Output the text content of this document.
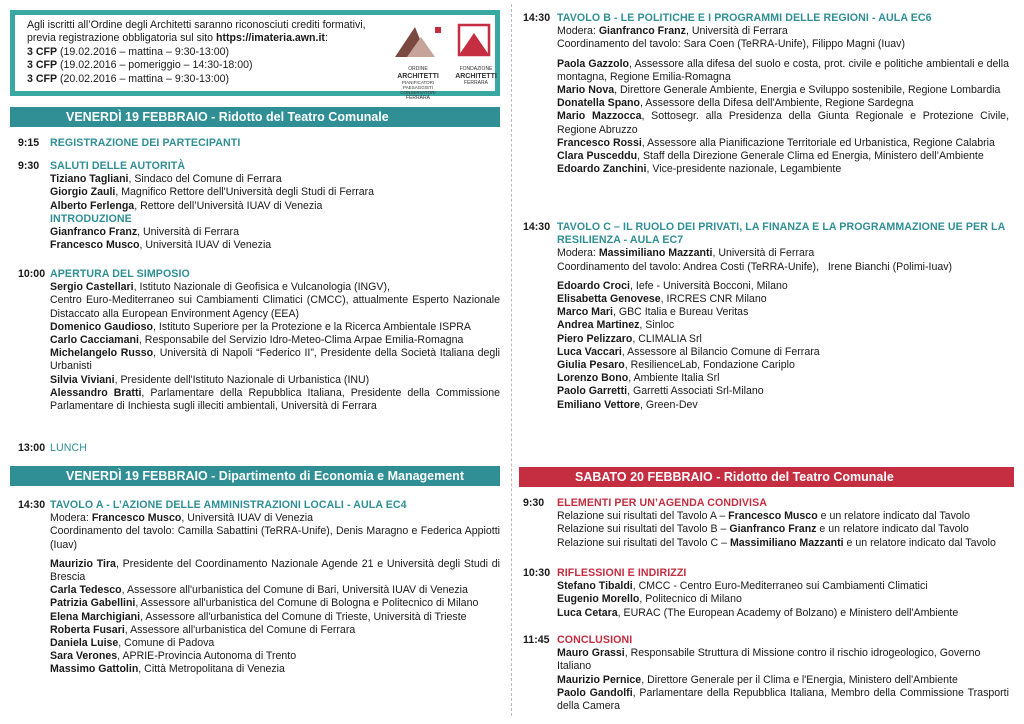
Agli iscritti all’Ordine degli Architetti saranno riconosciuti crediti formativi,
previa registrazione obbligatoria sul sito https://imateria.awn.it:
3 CFP (19.02.2016 – mattina – 9:30-13:00)
3 CFP (19.02.2016 – pomeriggio – 14:30-18:00)
3 CFP (20.02.2016 – mattina – 9:30-13:00)
ORDINE
ARCHITETTI
PIANIFICATORI PAESAGGISTI CONSERVATORI
FERRARA
FONDAZIONE
ARCHITETTI
FERRARA
VENERDÌ 19 FEBBRAIO - Ridotto del Teatro Comunale
9:15 REGISTRAZIONE DEI PARTECIPANTI
9:30 SALUTI DELLE AUTORITÀ
Tiziano Tagliani, Sindaco del Comune di Ferrara
Giorgio Zauli, Magnifico Rettore dell'Università degli Studi di Ferrara
Alberto Ferlenga, Rettore dell’Università IUAV di Venezia
INTRODUZIONE
Gianfranco Franz, Università di Ferrara
Francesco Musco, Università IUAV di Venezia
10:00 APERTURA DEL SIMPOSIO
Sergio Castellari, Istituto Nazionale di Geofisica e Vulcanologia (INGV),
Centro Euro-Mediterraneo sui Cambiamenti Climatici (CMCC), attualmente Esperto Nazionale Distaccato alla European Environment Agency (EEA)
Domenico Gaudioso, Istituto Superiore per la Protezione e la Ricerca Ambientale ISPRA
Carlo Cacciamani, Responsabile del Servizio Idro-Meteo-Clima Arpae Emilia-Romagna
Michelangelo Russo, Università di Napoli “Federico II”, Presidente della Società Italiana degli Urbanisti
Silvia Viviani, Presidente dell'Istituto Nazionale di Urbanistica (INU)
Alessandro Bratti, Parlamentare della Repubblica Italiana, Presidente della Commissione Parlamentare di Inchiesta sugli illeciti ambientali, Università di Ferrara
13:00 LUNCH
VENERDÌ 19 FEBBRAIO - Dipartimento di Economia e Management
14:30 TAVOLO A - L’AZIONE DELLE AMMINISTRAZIONI LOCALI - AULA EC4
Modera: Francesco Musco, Università IUAV di Venezia
Coordinamento del tavolo: Camilla Sabattini (TeRRA-Unife), Denis Maragno e Federica Appiotti (Iuav)
Maurizio Tira, Presidente del Coordinamento Nazionale Agende 21 e Università degli Studi di Brescia
Carla Tedesco, Assessore all'urbanistica del Comune di Bari, Università IUAV di Venezia
Patrizia Gabellini, Assessore all'urbanistica del Comune di Bologna e Politecnico di Milano
Elena Marchigiani, Assessore all'urbanistica del Comune di Trieste, Università di Trieste
Roberta Fusari, Assessore all'urbanistica del Comune di Ferrara
Daniela Luise, Comune di Padova
Sara Verones, APRIE-Provincia Autonoma di Trento
Massimo Gattolin, Città Metropolitana di Venezia
14:30 TAVOLO B - LE POLITICHE E I PROGRAMMI DELLE REGIONI - AULA EC6
Modera: Gianfranco Franz, Università di Ferrara
Coordinamento del tavolo: Sara Coen (TeRRA-Unife), Filippo Magni (Iuav)
Paola Gazzolo, Assessore alla difesa del suolo e costa, prot. civile e politiche ambientali e della montagna, Regione Emilia-Romagna
Mario Nova, Direttore Generale Ambiente, Energia e Sviluppo sostenibile, Regione Lombardia
Donatella Spano, Assessore della Difesa dell'Ambiente, Regione Sardegna
Mario Mazzocca, Sottosegr. alla Presidenza della Giunta Regionale e Protezione Civile, Regione Abruzzo
Francesco Rossi, Assessore alla Pianificazione Territoriale ed Urbanistica, Regione Calabria
Clara Pusceddu, Staff della Direzione Generale Clima ed Energia, Ministero dell’Ambiente
Edoardo Zanchini, Vice-presidente nazionale, Legambiente
14:30 TAVOLO C – IL RUOLO DEI PRIVATI, LA FINANZA E LA PROGRAMMAZIONE UE PER LA
RESILIENZA - AULA EC7
Modera: Massimiliano Mazzanti, Università di Ferrara
Coordinamento del tavolo: Andrea Costi (TeRRA-Unife),   Irene Bianchi (Polimi-Iuav)
Edoardo Croci, Iefe - Università Bocconi, Milano
Elisabetta Genovese, IRCRES CNR Milano
Marco Mari, GBC Italia e Bureau Veritas
Andrea Martinez, Sinloc
Piero Pelizzaro, CLIMALIA Srl
Luca Vaccari, Assessore al Bilancio Comune di Ferrara
Giulia Pesaro, ResilienceLab, Fondazione Cariplo
Lorenzo Bono, Ambiente Italia Srl
Paolo Garretti, Garretti Associati Srl-Milano
Emiliano Vettore, Green-Dev
SABATO 20 FEBBRAIO - Ridotto del Teatro Comunale
9:30 ELEMENTI PER UN’AGENDA CONDIVISA
Relazione sui risultati del Tavolo A – Francesco Musco e un relatore indicato dal Tavolo
Relazione sui risultati del Tavolo B – Gianfranco Franz e un relatore indicato dal Tavolo
Relazione sui risultati del Tavolo C – Massimiliano Mazzanti e un relatore indicato dal Tavolo
10:30 RIFLESSIONI E INDIRIZZI
Stefano Tibaldi, CMCC - Centro Euro-Mediterraneo sui Cambiamenti Climatici
Eugenio Morello, Politecnico di Milano
Luca Cetara, EURAC (The European Academy of Bolzano) e Ministero dell'Ambiente
11:45 CONCLUSIONI
Mauro Grassi, Responsabile Struttura di Missione contro il rischio idrogeologico, Governo Italiano
Maurizio Pernice, Direttore Generale per il Clima e l'Energia, Ministero dell'Ambiente
Paolo Gandolfi, Parlamentare della Repubblica Italiana, Membro della Commissione Trasporti della Camera
